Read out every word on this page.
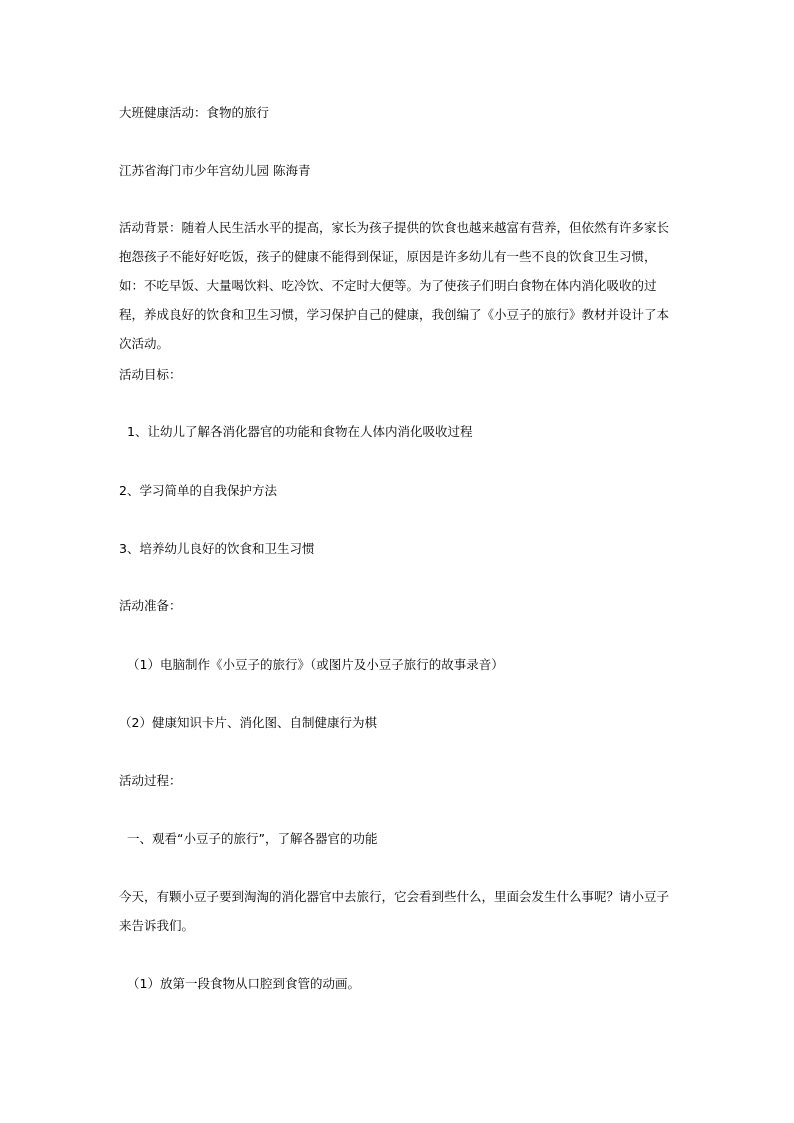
大班健康活动：食物的旅行
江苏省海门市少年宫幼儿园 陈海青
活动背景：随着人民生活水平的提高，家长为孩子提供的饮食也越来越富有营养，但依然有许多家长抱怨孩子不能好好吃饭，孩子的健康不能得到保证，原因是许多幼儿有一些不良的饮食卫生习惯，如：不吃早饭、大量喝饮料、吃冷饮、不定时大便等。为了使孩子们明白食物在体内消化吸收的过程，养成良好的饮食和卫生习惯，学习保护自己的健康，我创编了《小豆子的旅行》教材并设计了本次活动。
活动目标：
1、让幼儿了解各消化器官的功能和食物在人体内消化吸收过程
2、学习简单的自我保护方法
3、培养幼儿良好的饮食和卫生习惯
活动准备：
（1）电脑制作《小豆子的旅行》（或图片及小豆子旅行的故事录音）
（2）健康知识卡片、消化图、自制健康行为棋
活动过程：
一、观看“小豆子的旅行”，了解各器官的功能
今天，有颗小豆子要到淘淘的消化器官中去旅行，它会看到些什么，里面会发生什么事呢？请小豆子来告诉我们。
（1）放第一段食物从口腔到食管的动画。
